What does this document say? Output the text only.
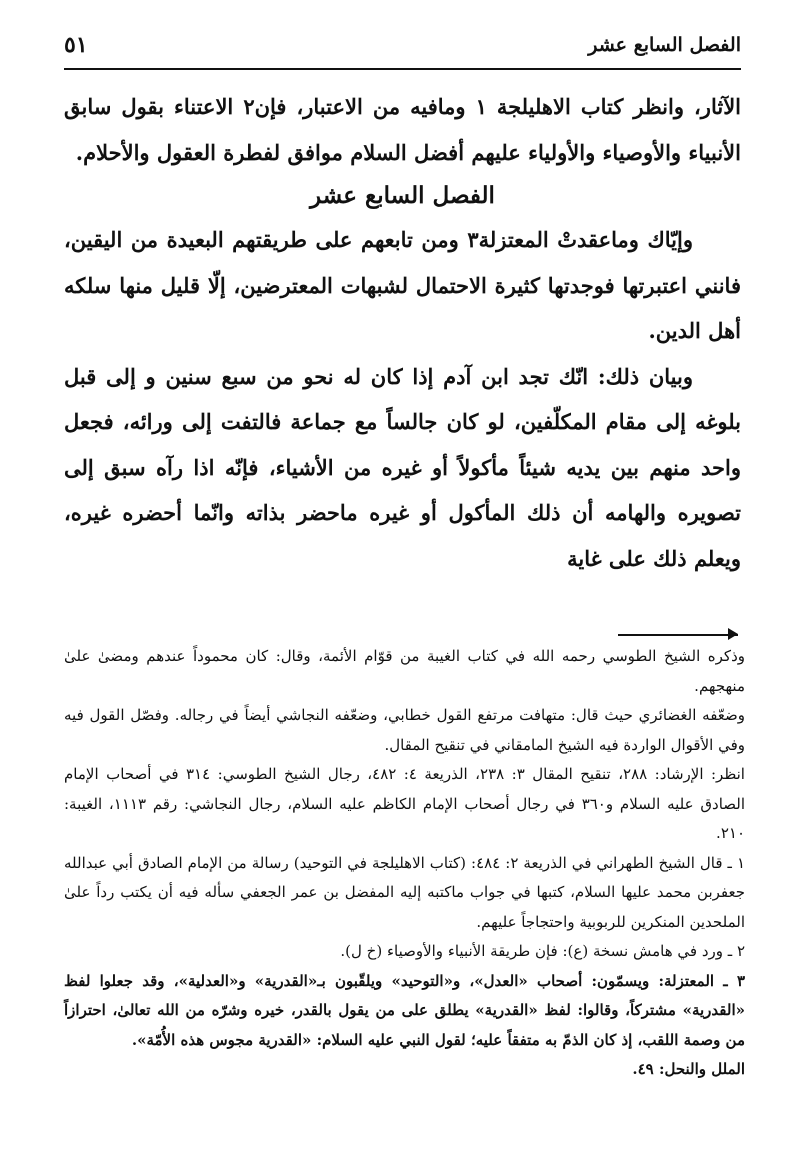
الفصل السابع عشر
٥١

الآثار، وانظر كتاب الاهليلجة ١ ومافيه من الاعتبار، فإن٢ الاعتناء بقول سابق الأنبياء والأوصياء والأولياء عليهم أفضل السلام موافق لفطرة العقول والأحلام.

الفصل السابع عشر

وإيّاك وماعقدتْ المعتزلة٣ ومن تابعهم على طريقتهم البعيدة من اليقين، فانني اعتبرتها فوجدتها كثيرة الاحتمال لشبهات المعترضين، إلّا قليل منها سلكه أهل الدين.

وبيان ذلك: انّك تجد ابن آدم إذا كان له نحو من سبع سنين و إلى قبل بلوغه إلى مقام المكلّفين، لو كان جالساً مع جماعة فالتفت إلى ورائه، فجعل واحد منهم بين يديه شيئاً مأكولاً أو غيره من الأشياء، فإنّه اذا رآه سبق إلى تصويره والهامه أن ذلك المأكول أو غيره ماحضر بذاته وانّما أحضره غيره، ويعلم ذلك على غاية

وذكره الشيخ الطوسي رحمه الله في كتاب الغيبة من قوّام الأئمة، وقال: كان محموداً عندهم ومضىٰ علىٰ منهجهم.

وضعّفه الغضائري حيث قال: متهافت مرتفع القول خطابي، وضعّفه النجاشي أيضاً في رجاله. وفصّل القول فيه وفي الأقوال الواردة فيه الشيخ المامقاني في تنقيح المقال.

انظر: الإرشاد: ٢٨٨، تنقيح المقال ٣: ٢٣٨، الذريعة ٤: ٤٨٢، رجال الشيخ الطوسي: ٣١٤ في أصحاب الإمام الصادق عليه السلام و٣٦٠ في رجال أصحاب الإمام الكاظم عليه السلام، رجال النجاشي: رقم ١١١٣، الغيبة: ٢١٠.

١ ـ قال الشيخ الطهراني في الذريعة ٢: ٤٨٤: (كتاب الاهليلجة في التوحيد) رسالة من الإمام الصادق أبي عبدالله جعفربن محمد عليها السلام، كتبها في جواب ماكتبه إليه المفضل بن عمر الجعفي سأله فيه أن يكتب رداً علىٰ الملحدين المنكرين للربوبية واحتجاجاً عليهم.

٢ ـ ورد في هامش نسخة (ع): فإن طريقة الأنبياء والأوصياء (خ ل).

٣ ـ المعتزلة: ويسمّون: أصحاب «العدل»، و«التوحيد» ويلقّبون بـ«القدرية» و«العدلية»، وقد جعلوا لفظ «القدرية» مشتركاً، وقالوا: لفظ «القدرية» يطلق على من يقول بالقدر، خيره وشرّه من الله تعالىٰ، احترازاً من وصمة اللقب، إذ كان الذمّ به متفقاً عليه؛ لقول النبي عليه السلام: «القدرية مجوس هذه الأُمّة».

الملل والنحل: ٤٩.
